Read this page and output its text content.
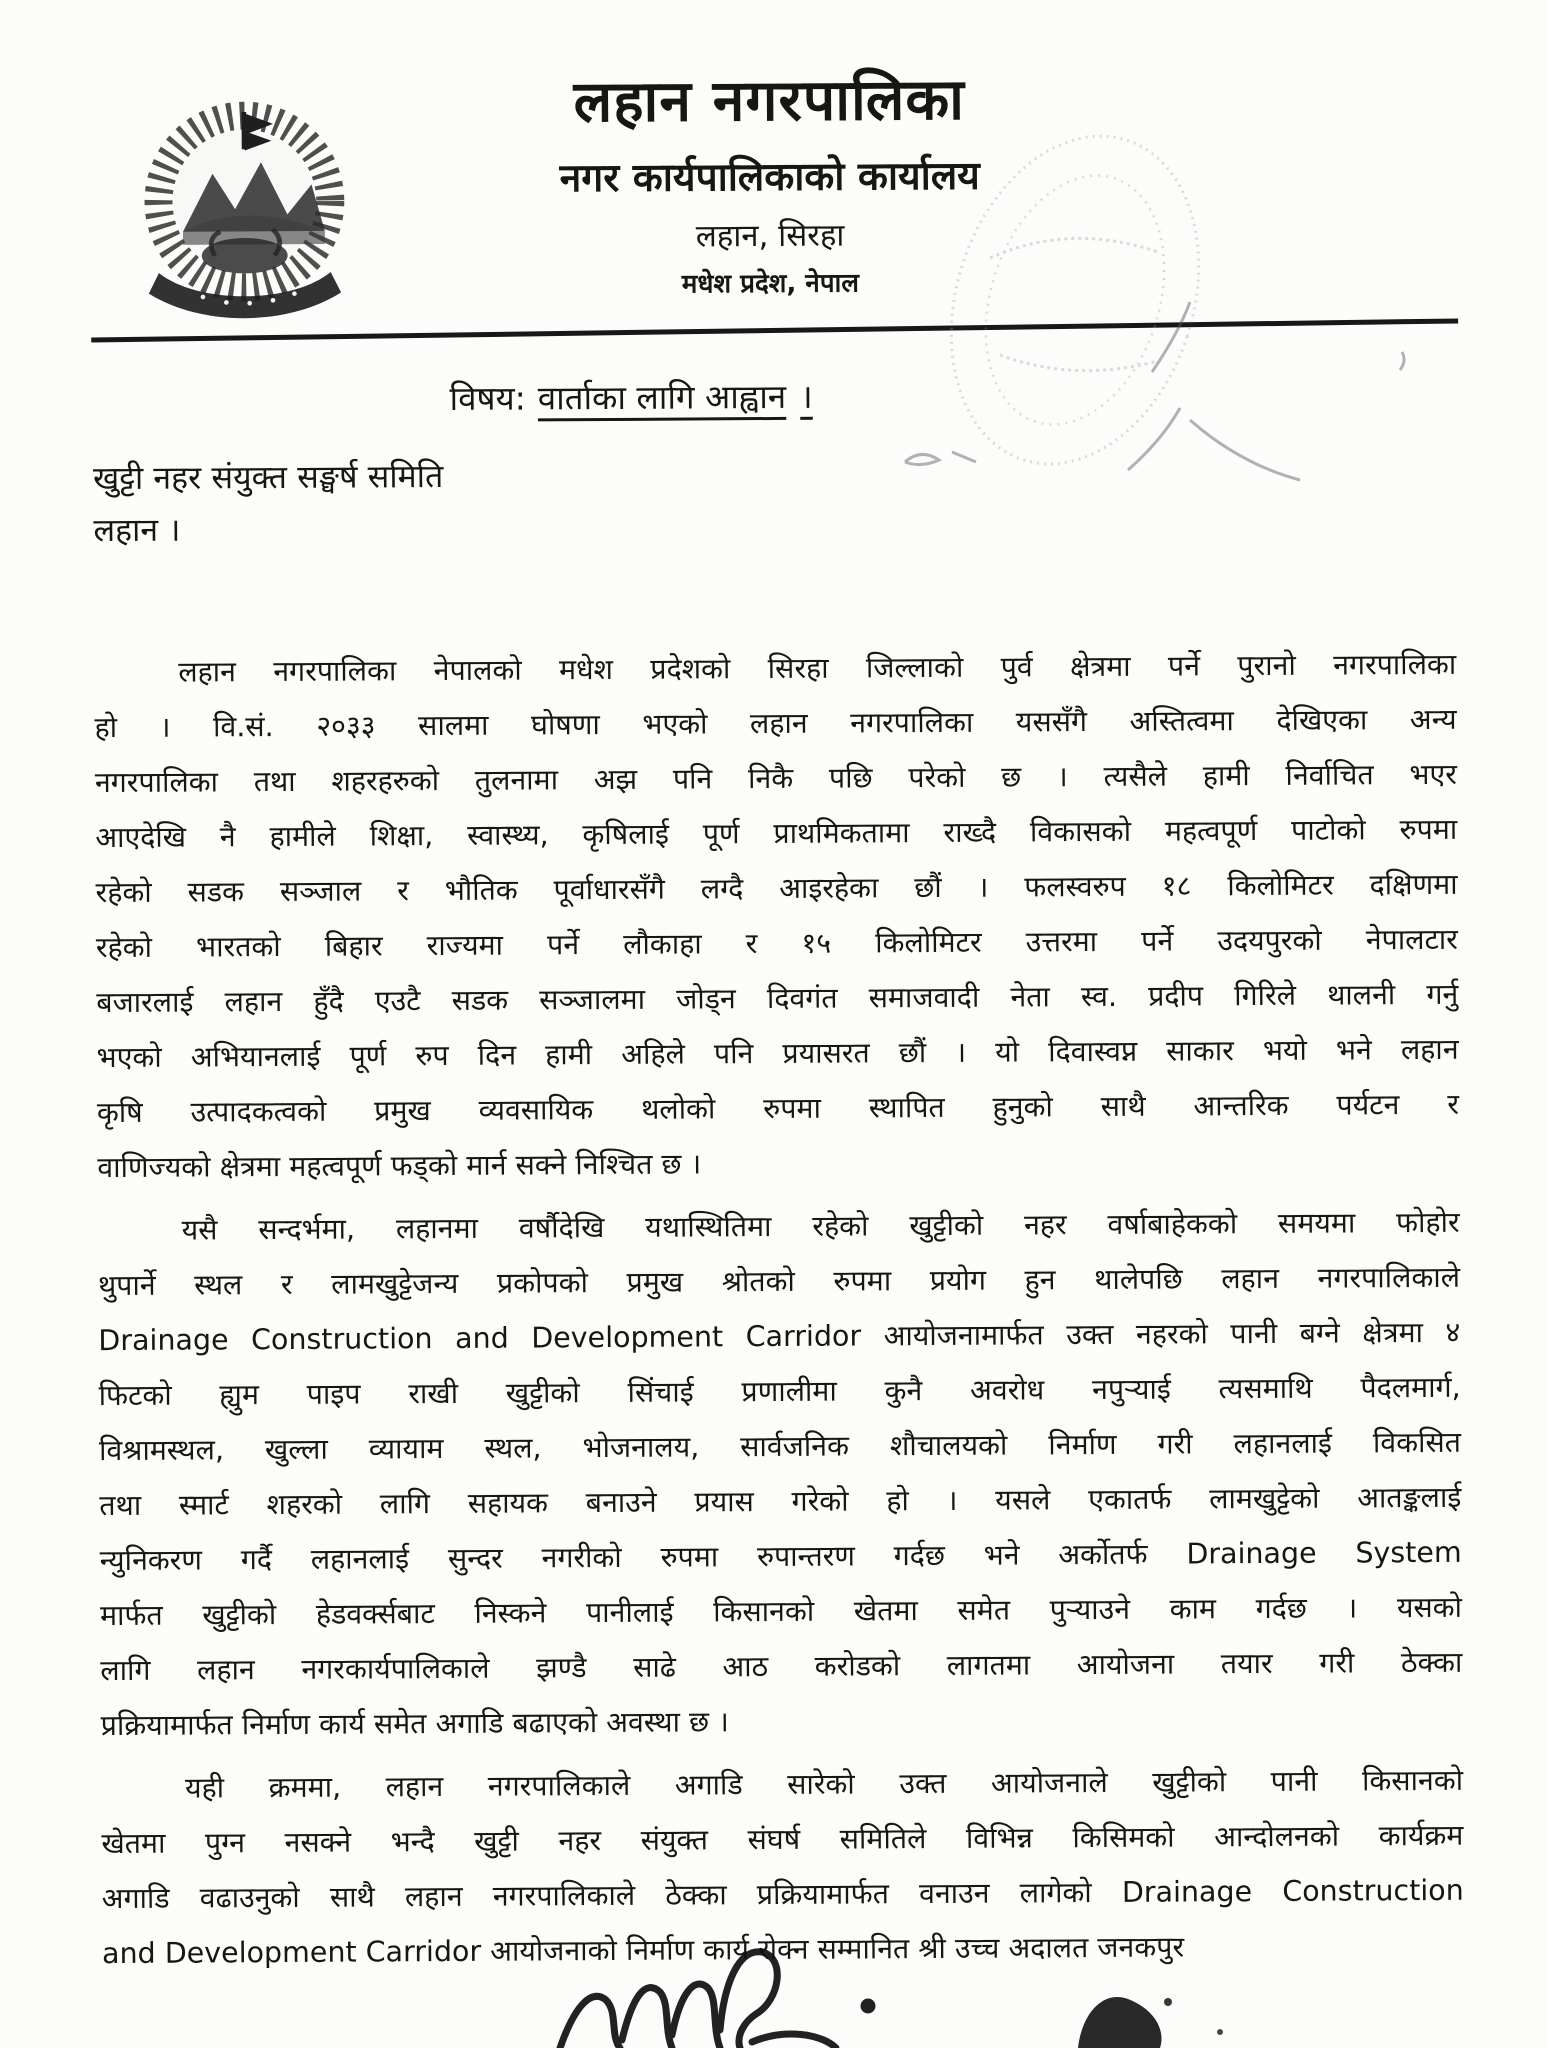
लहान नगरपालिका
नगर कार्यपालिकाको कार्यालय
लहान, सिरहा
मधेश प्रदेश, नेपाल
विषय: वार्ताका लागि आह्वान ।
खुट्टी नहर संयुक्त सङ्घर्ष समिति
लहान ।
लहान नगरपालिका नेपालको मधेश प्रदेशको सिरहा जिल्लाको पुर्व क्षेत्रमा पर्ने पुरानो नगरपालिका
हो । वि.सं. २०३३ सालमा घोषणा भएको लहान नगरपालिका यससँगै अस्तित्वमा देखिएका अन्य
नगरपालिका तथा शहरहरुको तुलनामा अझ पनि निकै पछि परेको छ । त्यसैले हामी निर्वाचित भएर
आएदेखि नै हामीले शिक्षा, स्वास्थ्य, कृषिलाई पूर्ण प्राथमिकतामा राख्दै विकासको महत्वपूर्ण पाटोको रुपमा
रहेको सडक सञ्जाल र भौतिक पूर्वाधारसँगै लग्दै आइरहेका छौं । फलस्वरुप १८ किलोमिटर दक्षिणमा
रहेको भारतको बिहार राज्यमा पर्ने लौकाहा र १५ किलोमिटर उत्तरमा पर्ने उदयपुरको नेपालटार
बजारलाई लहान हुँदै एउटै सडक सञ्जालमा जोड्न दिवगंत समाजवादी नेता स्व. प्रदीप गिरिले थालनी गर्नु
भएको अभियानलाई पूर्ण रुप दिन हामी अहिले पनि प्रयासरत छौं । यो दिवास्वप्न साकार भयो भने लहान
कृषि उत्पादकत्वको प्रमुख व्यवसायिक थलोको रुपमा स्थापित हुनुको साथै आन्तरिक पर्यटन र
वाणिज्यको क्षेत्रमा महत्वपूर्ण फड्को मार्न सक्ने निश्चित छ ।
यसै सन्दर्भमा, लहानमा वर्षौदेखि यथास्थितिमा रहेको खुट्टीको नहर वर्षाबाहेकको समयमा फोहोर
थुपार्ने स्थल र लामखुट्टेजन्य प्रकोपको प्रमुख श्रोतको रुपमा प्रयोग हुन थालेपछि लहान नगरपालिकाले
Drainage Construction and Development Carridor आयोजनामार्फत उक्त नहरको पानी बग्ने क्षेत्रमा ४
फिटको ह्युम पाइप राखी खुट्टीको सिंचाई प्रणालीमा कुनै अवरोध नपुऱ्याई त्यसमाथि पैदलमार्ग,
विश्रामस्थल, खुल्ला व्यायाम स्थल, भोजनालय, सार्वजनिक शौचालयको निर्माण गरी लहानलाई विकसित
तथा स्मार्ट शहरको लागि सहायक बनाउने प्रयास गरेको हो । यसले एकातर्फ लामखुट्टेको आतङ्कलाई
न्युनिकरण गर्दै लहानलाई सुन्दर नगरीको रुपमा रुपान्तरण गर्दछ भने अर्कोतर्फ Drainage System
मार्फत खुट्टीको हेडवर्क्सबाट निस्कने पानीलाई किसानको खेतमा समेत पुऱ्याउने काम गर्दछ । यसको
लागि लहान नगरकार्यपालिकाले झण्डै साढे आठ करोडको लागतमा आयोजना तयार गरी ठेक्का
प्रक्रियामार्फत निर्माण कार्य समेत अगाडि बढाएको अवस्था छ ।
यही क्रममा, लहान नगरपालिकाले अगाडि सारेको उक्त आयोजनाले खुट्टीको पानी किसानको
खेतमा पुग्न नसक्ने भन्दै खुट्टी नहर संयुक्त संघर्ष समितिले विभिन्न किसिमको आन्दोलनको कार्यक्रम
अगाडि वढाउनुको साथै लहान नगरपालिकाले ठेक्का प्रक्रियामार्फत वनाउन लागेको Drainage Construction
and Development Carridor आयोजनाको निर्माण कार्य रोक्न सम्मानित श्री उच्च अदालत जनकपुर
